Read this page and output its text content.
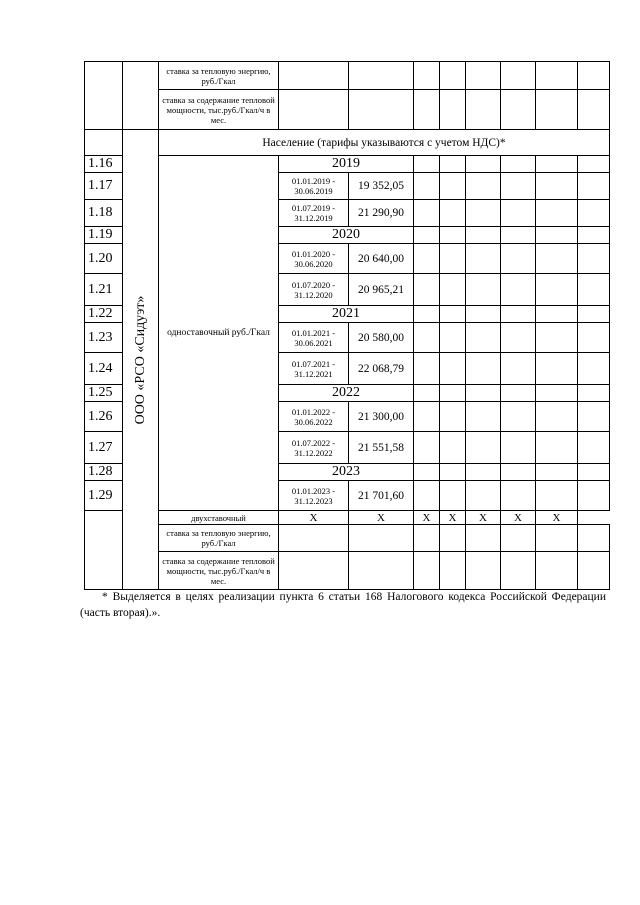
		ставка за тепловую энергию, руб./Гкал								
		ставка за содержание тепловой мощности, тыс.руб./Гкал/ч в мес.								

	ООО «РСО «Сидуэт»	Население (тарифы указываются с учетом НДС)*								
1.16		одноставочный руб./Гкал	2019							
1.17			01.01.2019 - 30.06.2019	19 352,05						
1.18			01.07.2019 - 31.12.2019	21 290,90						
1.19			2020							
1.20			01.01.2020 - 30.06.2020	20 640,00						
1.21			01.07.2020 - 31.12.2020	20 965,21						
1.22			2021							
1.23			01.01.2021 - 30.06.2021	20 580,00						
1.24			01.07.2021 - 31.12.2021	22 068,79						
1.25			2022							
1.26			01.01.2022 - 30.06.2022	21 300,00						
1.27			01.07.2022 - 31.12.2022	21 551,58						
1.28			2023							
1.29			01.01.2023 - 31.12.2023	21 701,60						
		двухставочный	Х	Х	Х	Х	Х	Х	Х	
		ставка за тепловую энергию, руб./Гкал								
		ставка за содержание тепловой мощности, тыс.руб./Гкал/ч в мес.								
* Выделяется в целях реализации пункта 6 статьи 168 Налогового кодекса Российской Федерации (часть вторая).».
